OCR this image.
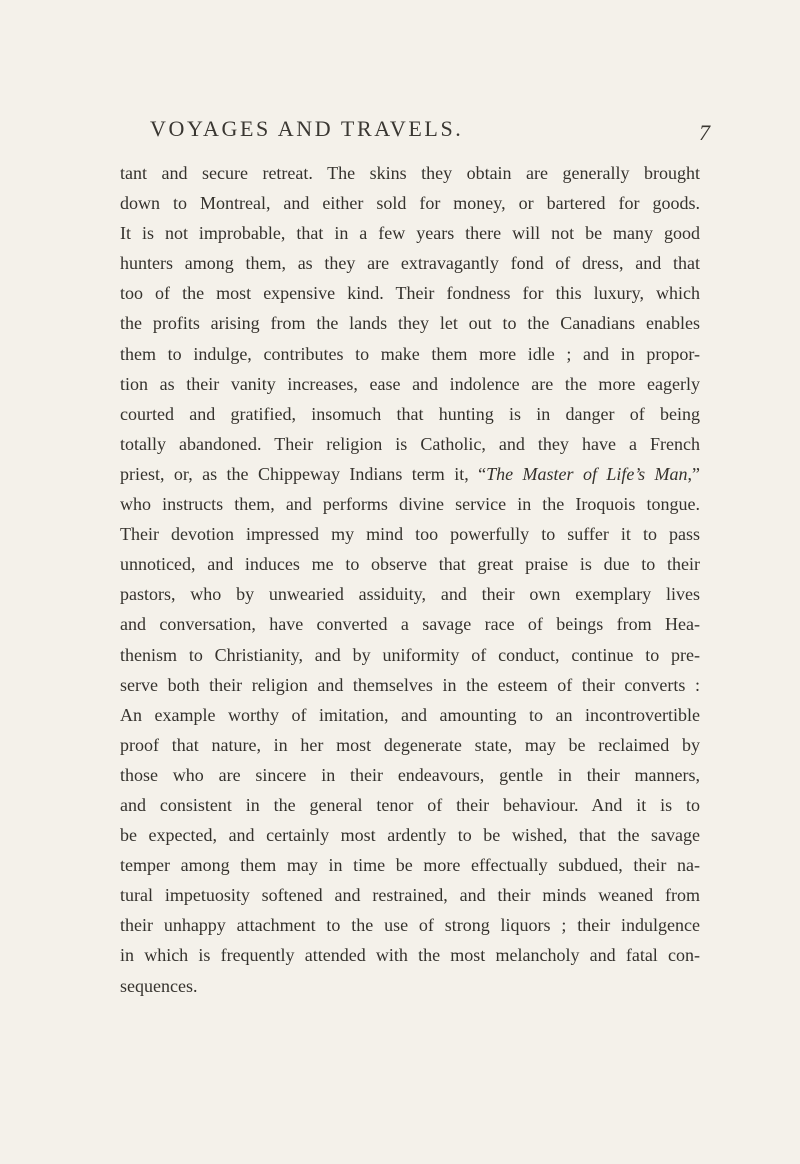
VOYAGES AND TRAVELS.	7
tant and secure retreat. The skins they obtain are generally brought
down to Montreal, and either sold for money, or bartered for goods.
It is not improbable, that in a few years there will not be many good
hunters among them, as they are extravagantly fond of dress, and that
too of the most expensive kind. Their fondness for this luxury, which
the profits arising from the lands they let out to the Canadians enables
them to indulge, contributes to make them more idle ; and in propor-
tion as their vanity increases, ease and indolence are the more eagerly
courted and gratified, insomuch that hunting is in danger of being
totally abandoned. Their religion is Catholic, and they have a French
priest, or, as the Chippeway Indians term it, “The Master of Life’s Man,”
who instructs them, and performs divine service in the Iroquois tongue.
Their devotion impressed my mind too powerfully to suffer it to pass
unnoticed, and induces me to observe that great praise is due to their
pastors, who by unwearied assiduity, and their own exemplary lives
and conversation, have converted a savage race of beings from Hea-
thenism to Christianity, and by uniformity of conduct, continue to pre-
serve both their religion and themselves in the esteem of their converts :
An example worthy of imitation, and amounting to an incontrovertible
proof that nature, in her most degenerate state, may be reclaimed by
those who are sincere in their endeavours, gentle in their manners,
and consistent in the general tenor of their behaviour. And it is to
be expected, and certainly most ardently to be wished, that the savage
temper among them may in time be more effectually subdued, their na-
tural impetuosity softened and restrained, and their minds weaned from
their unhappy attachment to the use of strong liquors ; their indulgence
in which is frequently attended with the most melancholy and fatal con-
sequences.
